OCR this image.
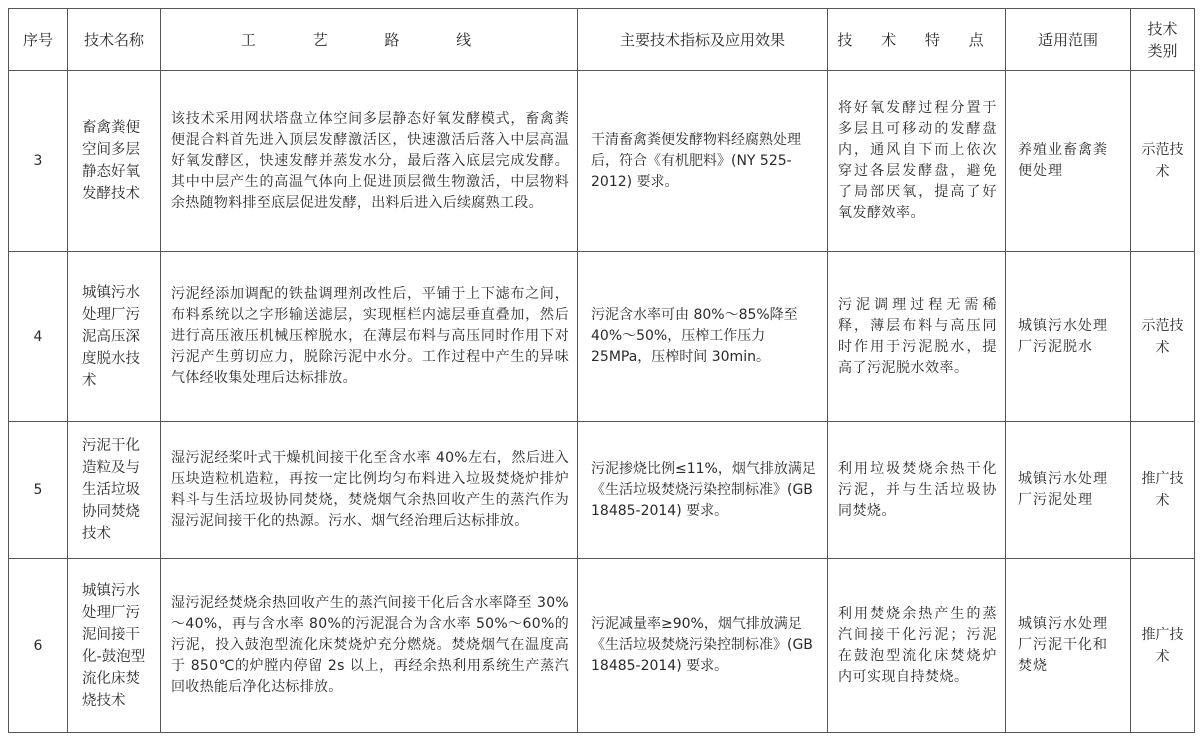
序号	技术名称	工 艺 路 线	主要技术指标及应用效果	技 术 特 点	适用范围	技术类别
3	畜禽粪便空间多层静态好氧发酵技术	该技术采用网状塔盘立体空间多层静态好氧发酵模式，畜禽粪便混合料首先进入顶层发酵激活区，快速激活后落入中层高温好氧发酵区，快速发酵并蒸发水分，最后落入底层完成发酵。其中中层产生的高温气体向上促进顶层微生物激活，中层物料余热随物料排至底层促进发酵，出料后进入后续腐熟工段。	干清畜禽粪便发酵物料经腐熟处理后，符合《有机肥料》(NY 525-2012) 要求。	将好氧发酵过程分置于多层且可移动的发酵盘内，通风自下而上依次穿过各层发酵盘，避免了局部厌氧，提高了好氧发酵效率。	养殖业畜禽粪便处理	示范技术
4	城镇污水处理厂污泥高压深度脱水技术	污泥经添加调配的铁盐调理剂改性后，平铺于上下滤布之间，布料系统以之字形输送滤层，实现框栏内滤层垂直叠加，然后进行高压液压机械压榨脱水，在薄层布料与高压同时作用下对污泥产生剪切应力，脱除污泥中水分。工作过程中产生的异味气体经收集处理后达标排放。	污泥含水率可由 80%～85%降至 40%～50%，压榨工作压力 25MPa，压榨时间 30min。	污泥调理过程无需稀释，薄层布料与高压同时作用于污泥脱水，提高了污泥脱水效率。	城镇污水处理厂污泥脱水	示范技术
5	污泥干化造粒及与生活垃圾协同焚烧技术	湿污泥经桨叶式干燥机间接干化至含水率 40%左右，然后进入压块造粒机造粒，再按一定比例均匀布料进入垃圾焚烧炉排炉料斗与生活垃圾协同焚烧，焚烧烟气余热回收产生的蒸汽作为湿污泥间接干化的热源。污水、烟气经治理后达标排放。	污泥掺烧比例≤11%，烟气排放满足《生活垃圾焚烧污染控制标准》(GB 18485-2014) 要求。	利用垃圾焚烧余热干化污泥，并与生活垃圾协同焚烧。	城镇污水处理厂污泥处理	推广技术
6	城镇污水处理厂污泥间接干化-鼓泡型流化床焚烧技术	湿污泥经焚烧余热回收产生的蒸汽间接干化后含水率降至 30%～40%，再与含水率 80%的污泥混合为含水率 50%～60%的污泥，投入鼓泡型流化床焚烧炉充分燃烧。焚烧烟气在温度高于 850℃的炉膛内停留 2s 以上，再经余热利用系统生产蒸汽回收热能后净化达标排放。	污泥减量率≥90%，烟气排放满足《生活垃圾焚烧污染控制标准》(GB 18485-2014) 要求。	利用焚烧余热产生的蒸汽间接干化污泥；污泥在鼓泡型流化床焚烧炉内可实现自持焚烧。	城镇污水处理厂污泥干化和焚烧	推广技术
